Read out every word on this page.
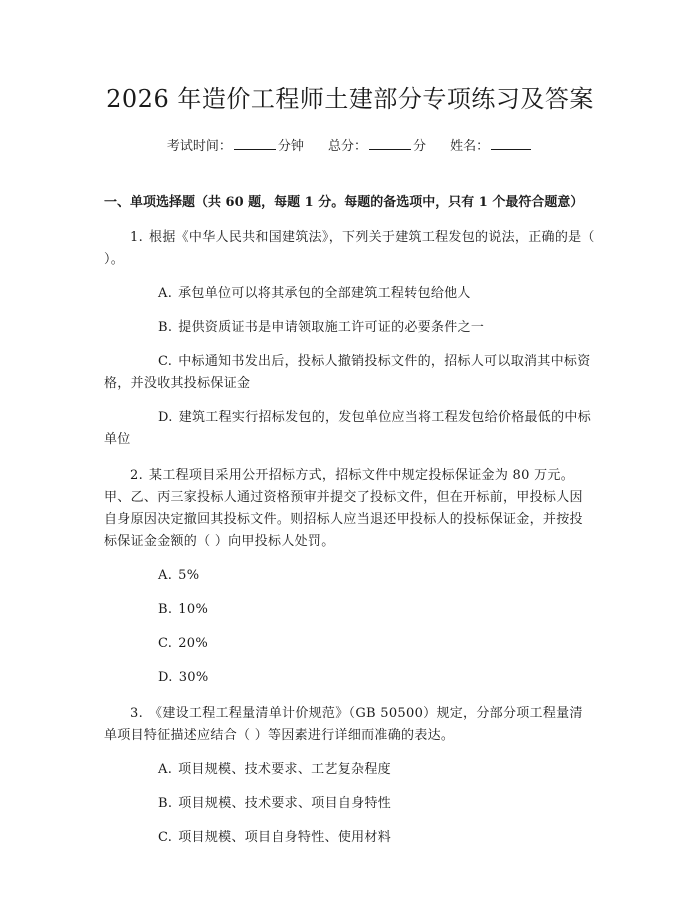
2026 年造价工程师土建部分专项练习及答案
考试时间：	分钟 总分：	分 姓名：
一、单项选择题（共 60 题，每题 1 分。每题的备选项中，只有 1 个最符合题意）
1. 根据《中华人民共和国建筑法》，下列关于建筑工程发包的说法，正确的是（ ）。
A. 承包单位可以将其承包的全部建筑工程转包给他人
B. 提供资质证书是申请领取施工许可证的必要条件之一
C. 中标通知书发出后，投标人撤销投标文件的，招标人可以取消其中标资格，并没收其投标保证金
D. 建筑工程实行招标发包的，发包单位应当将工程发包给价格最低的中标单位
2. 某工程项目采用公开招标方式，招标文件中规定投标保证金为 80 万元。甲、乙、丙三家投标人通过资格预审并提交了投标文件，但在开标前，甲投标人因自身原因决定撤回其投标文件。则招标人应当退还甲投标人的投标保证金，并按投标保证金金额的（ ）向甲投标人处罚。
A. 5%
B. 10%
C. 20%
D. 30%
3. 《建设工程工程量清单计价规范》（GB 50500）规定，分部分项工程量清单项目特征描述应结合（ ）等因素进行详细而准确的表达。
A. 项目规模、技术要求、工艺复杂程度
B. 项目规模、技术要求、项目自身特性
C. 项目规模、项目自身特性、使用材料
